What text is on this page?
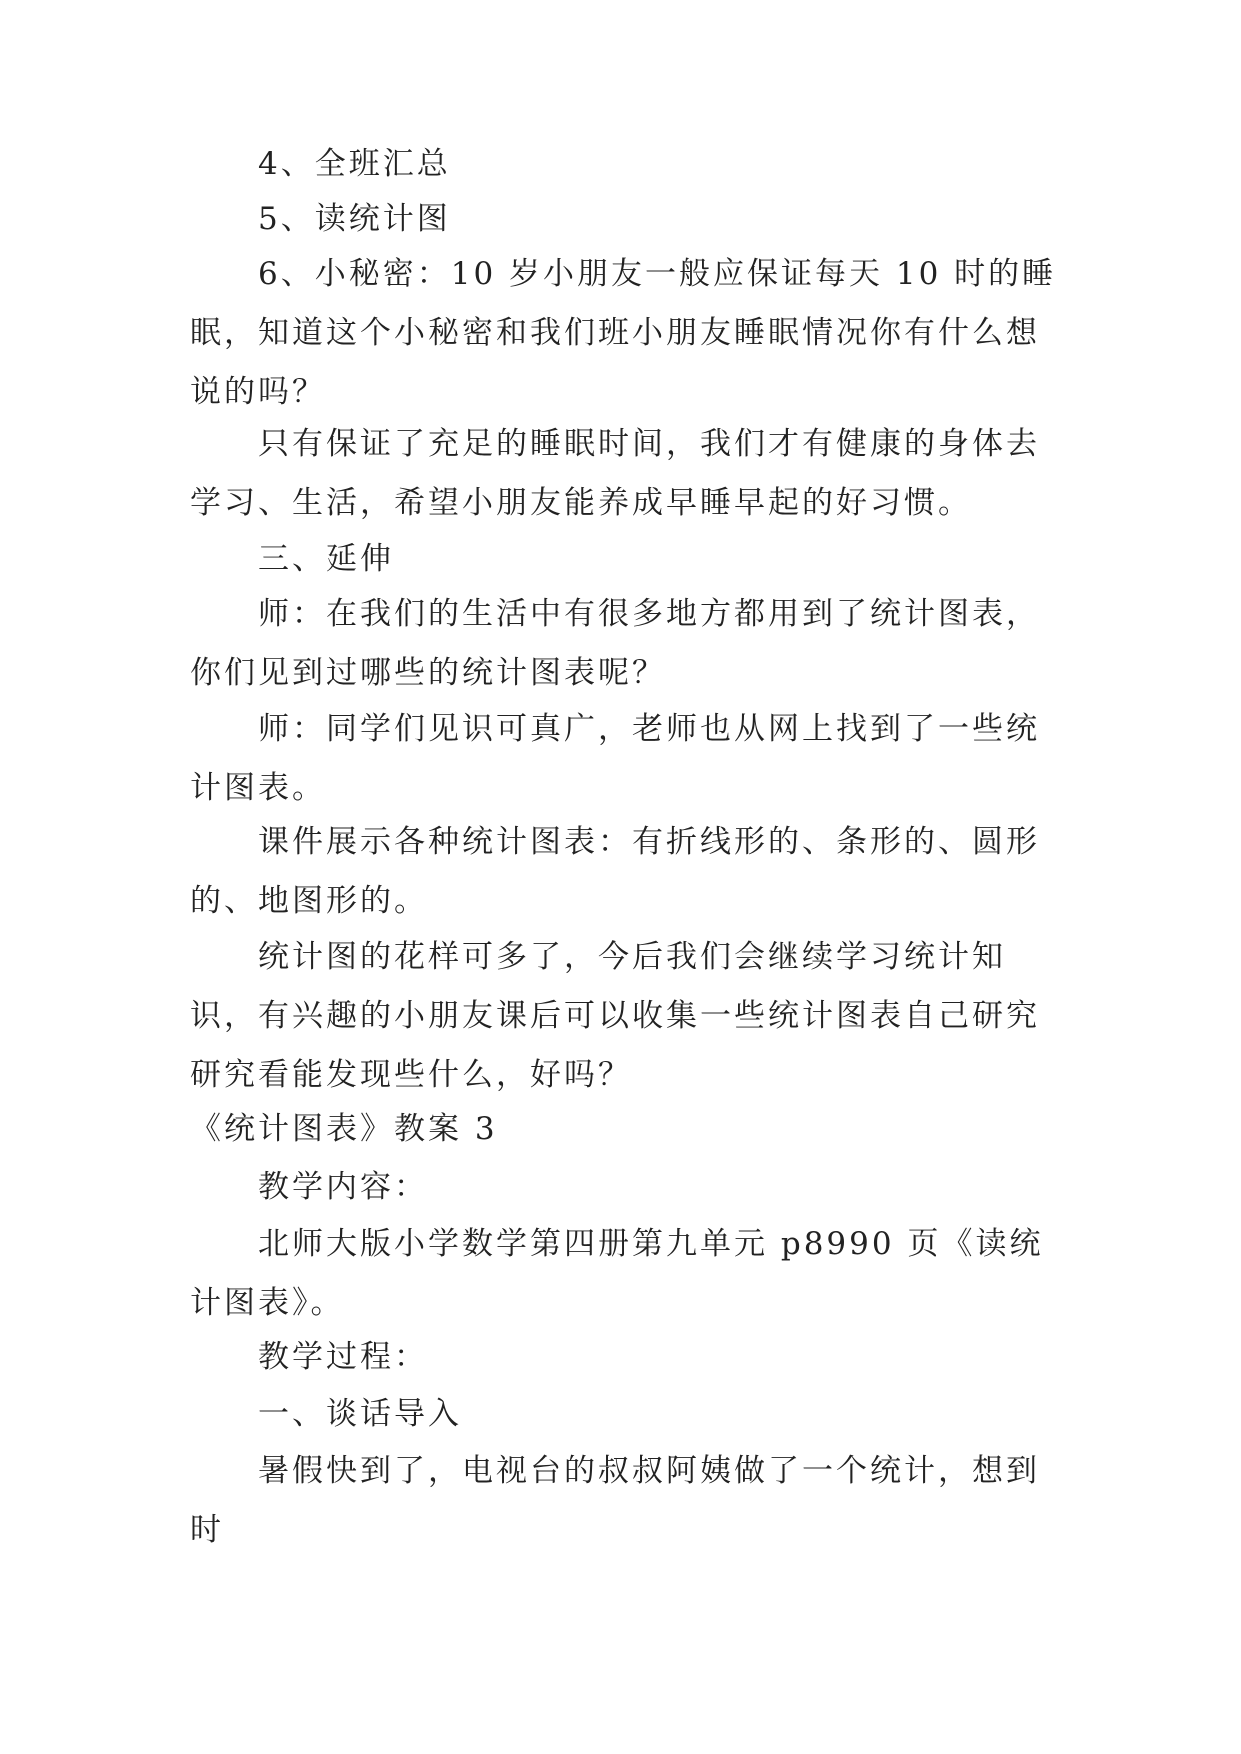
4、全班汇总
5、读统计图
6、小秘密：10 岁小朋友一般应保证每天 10 时的睡眠，知道这个小秘密和我们班小朋友睡眠情况你有什么想说的吗？
只有保证了充足的睡眠时间，我们才有健康的身体去学习、生活，希望小朋友能养成早睡早起的好习惯。
三、延伸
师：在我们的生活中有很多地方都用到了统计图表，你们见到过哪些的统计图表呢？
师：同学们见识可真广，老师也从网上找到了一些统计图表。
课件展示各种统计图表：有折线形的、条形的、圆形的、地图形的。
统计图的花样可多了，今后我们会继续学习统计知识，有兴趣的小朋友课后可以收集一些统计图表自己研究研究看能发现些什么，好吗？
《统计图表》教案 3
教学内容：
北师大版小学数学第四册第九单元 p8990 页《读统计图表》。
教学过程：
一、谈话导入
暑假快到了，电视台的叔叔阿姨做了一个统计，想到时
